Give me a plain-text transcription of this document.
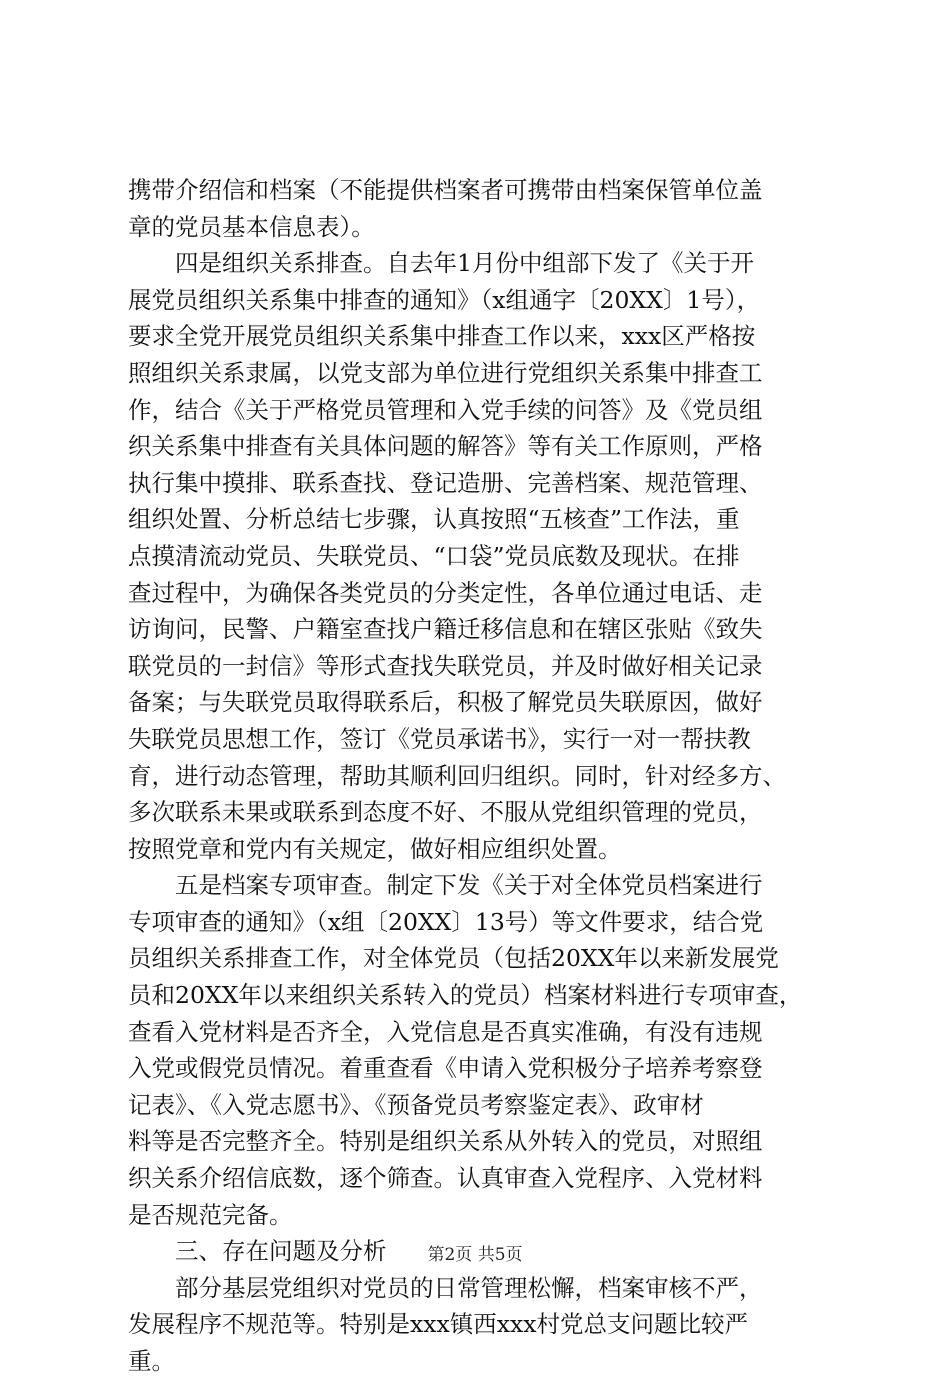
携带介绍信和档案（不能提供档案者可携带由档案保管单位盖
章的党员基本信息表）。
　　四是组织关系排查。自去年1月份中组部下发了《关于开
展党员组织关系集中排查的通知》（x组通字〔20XX〕1号），
要求全党开展党员组织关系集中排查工作以来，xxx区严格按
照组织关系隶属，以党支部为单位进行党组织关系集中排查工
作，结合《关于严格党员管理和入党手续的问答》及《党员组
织关系集中排查有关具体问题的解答》等有关工作原则，严格
执行集中摸排、联系查找、登记造册、完善档案、规范管理、
组织处置、分析总结七步骤，认真按照“五核查”工作法，重
点摸清流动党员、失联党员、“口袋”党员底数及现状。在排
查过程中，为确保各类党员的分类定性，各单位通过电话、走
访询问，民警、户籍室查找户籍迁移信息和在辖区张贴《致失
联党员的一封信》等形式查找失联党员，并及时做好相关记录
备案；与失联党员取得联系后，积极了解党员失联原因，做好
失联党员思想工作，签订《党员承诺书》，实行一对一帮扶教
育，进行动态管理，帮助其顺利回归组织。同时，针对经多方、
多次联系未果或联系到态度不好、不服从党组织管理的党员，
按照党章和党内有关规定，做好相应组织处置。
　　五是档案专项审查。制定下发《关于对全体党员档案进行
专项审查的通知》（x组〔20XX〕13号）等文件要求，结合党
员组织关系排查工作，对全体党员（包括20XX年以来新发展党
员和20XX年以来组织关系转入的党员）档案材料进行专项审查，
查看入党材料是否齐全，入党信息是否真实准确，有没有违规
入党或假党员情况。着重查看《申请入党积极分子培养考察登
记表》、《入党志愿书》、《预备党员考察鉴定表》、政审材
料等是否完整齐全。特别是组织关系从外转入的党员，对照组
织关系介绍信底数，逐个筛查。认真审查入党程序、入党材料
是否规范完备。
　　三、存在问题及分析
　　部分基层党组织对党员的日常管理松懈，档案审核不严，
发展程序不规范等。特别是xxx镇西xxx村党总支问题比较严
重。
第2页 共5页
